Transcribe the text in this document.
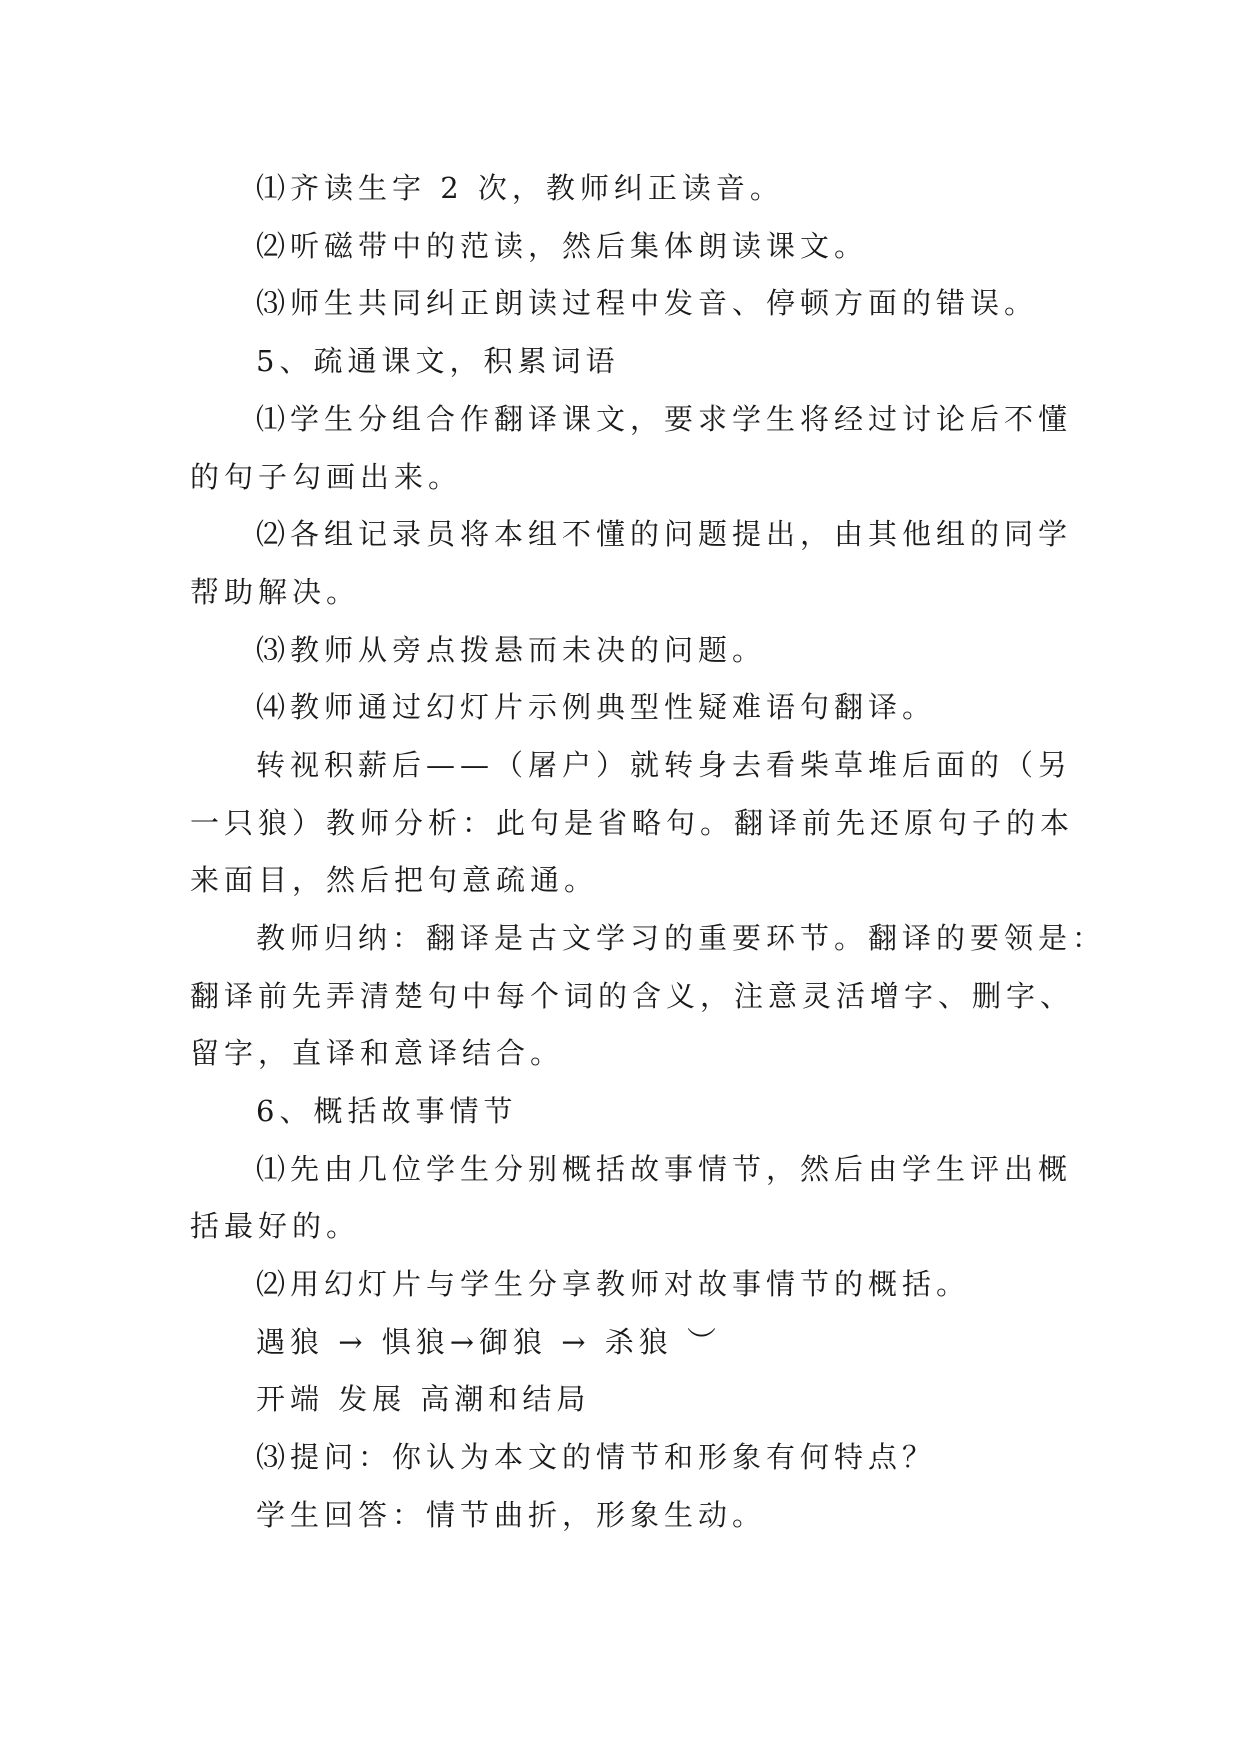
⑴齐读生字 2 次，教师纠正读音。
⑵听磁带中的范读，然后集体朗读课文。
⑶师生共同纠正朗读过程中发音、停顿方面的错误。
5、疏通课文，积累词语
⑴学生分组合作翻译课文，要求学生将经过讨论后不懂
的句子勾画出来。
⑵各组记录员将本组不懂的问题提出，由其他组的同学
帮助解决。
⑶教师从旁点拨悬而未决的问题。
⑷教师通过幻灯片示例典型性疑难语句翻译。
转视积薪后——（屠户）就转身去看柴草堆后面的（另
一只狼）教师分析：此句是省略句。翻译前先还原句子的本
来面目，然后把句意疏通。
教师归纳：翻译是古文学习的重要环节。翻译的要领是：
翻译前先弄清楚句中每个词的含义，注意灵活增字、删字、
留字，直译和意译结合。
6、概括故事情节
⑴先由几位学生分别概括故事情节，然后由学生评出概
括最好的。
⑵用幻灯片与学生分享教师对故事情节的概括。
遇狼 → 惧狼→御狼 → 杀狼 ︶
开端 发展 高潮和结局
⑶提问：你认为本文的情节和形象有何特点？
学生回答：情节曲折，形象生动。
